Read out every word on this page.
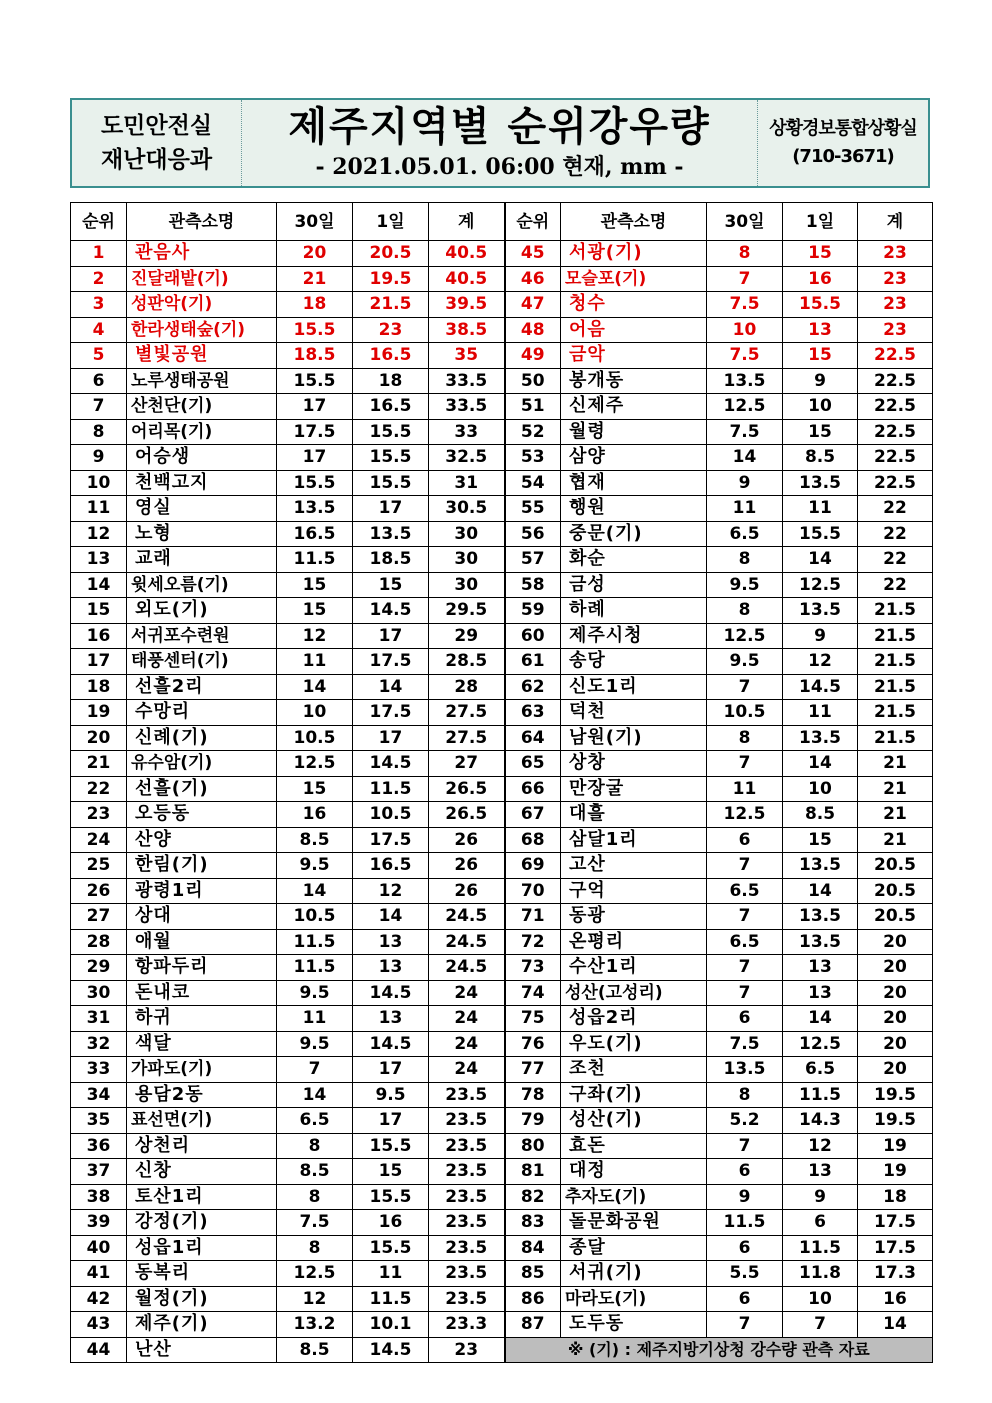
도민안전실
재난대응과
제주지역별 순위강우량
- 2021.05.01. 06:00 현재, mm -
상황경보통합상황실
(710-3671)
순위	관측소명	30일	1일	계	순위	관측소명	30일	1일	계
1	관음사	20	20.5	40.5	45	서광(기)	8	15	23
2	진달래밭(기)	21	19.5	40.5	46	모슬포(기)	7	16	23
3	성판악(기)	18	21.5	39.5	47	청수	7.5	15.5	23
4	한라생태숲(기)	15.5	23	38.5	48	어음	10	13	23
5	별빛공원	18.5	16.5	35	49	금악	7.5	15	22.5
6	노루생태공원	15.5	18	33.5	50	봉개동	13.5	9	22.5
7	산천단(기)	17	16.5	33.5	51	신제주	12.5	10	22.5
8	어리목(기)	17.5	15.5	33	52	월령	7.5	15	22.5
9	어승생	17	15.5	32.5	53	삼양	14	8.5	22.5
10	천백고지	15.5	15.5	31	54	협재	9	13.5	22.5
11	영실	13.5	17	30.5	55	행원	11	11	22
12	노형	16.5	13.5	30	56	중문(기)	6.5	15.5	22
13	교래	11.5	18.5	30	57	화순	8	14	22
14	윗세오름(기)	15	15	30	58	금성	9.5	12.5	22
15	외도(기)	15	14.5	29.5	59	하례	8	13.5	21.5
16	서귀포수련원	12	17	29	60	제주시청	12.5	9	21.5
17	태풍센터(기)	11	17.5	28.5	61	송당	9.5	12	21.5
18	선흘2리	14	14	28	62	신도1리	7	14.5	21.5
19	수망리	10	17.5	27.5	63	덕천	10.5	11	21.5
20	신례(기)	10.5	17	27.5	64	남원(기)	8	13.5	21.5
21	유수암(기)	12.5	14.5	27	65	상창	7	14	21
22	선흘(기)	15	11.5	26.5	66	만장굴	11	10	21
23	오등동	16	10.5	26.5	67	대흘	12.5	8.5	21
24	산양	8.5	17.5	26	68	삼달1리	6	15	21
25	한림(기)	9.5	16.5	26	69	고산	7	13.5	20.5
26	광령1리	14	12	26	70	구억	6.5	14	20.5
27	상대	10.5	14	24.5	71	동광	7	13.5	20.5
28	애월	11.5	13	24.5	72	온평리	6.5	13.5	20
29	항파두리	11.5	13	24.5	73	수산1리	7	13	20
30	돈내코	9.5	14.5	24	74	성산(고성리)	7	13	20
31	하귀	11	13	24	75	성읍2리	6	14	20
32	색달	9.5	14.5	24	76	우도(기)	7.5	12.5	20
33	가파도(기)	7	17	24	77	조천	13.5	6.5	20
34	용담2동	14	9.5	23.5	78	구좌(기)	8	11.5	19.5
35	표선면(기)	6.5	17	23.5	79	성산(기)	5.2	14.3	19.5
36	상천리	8	15.5	23.5	80	효돈	7	12	19
37	신창	8.5	15	23.5	81	대정	6	13	19
38	토산1리	8	15.5	23.5	82	추자도(기)	9	9	18
39	강정(기)	7.5	16	23.5	83	돌문화공원	11.5	6	17.5
40	성읍1리	8	15.5	23.5	84	종달	6	11.5	17.5
41	동복리	12.5	11	23.5	85	서귀(기)	5.5	11.8	17.3
42	월정(기)	12	11.5	23.5	86	마라도(기)	6	10	16
43	제주(기)	13.2	10.1	23.3	87	도두동	7	7	14
44	난산	8.5	14.5	23	※ (기) : 제주지방기상청 강수량 관측 자료				
